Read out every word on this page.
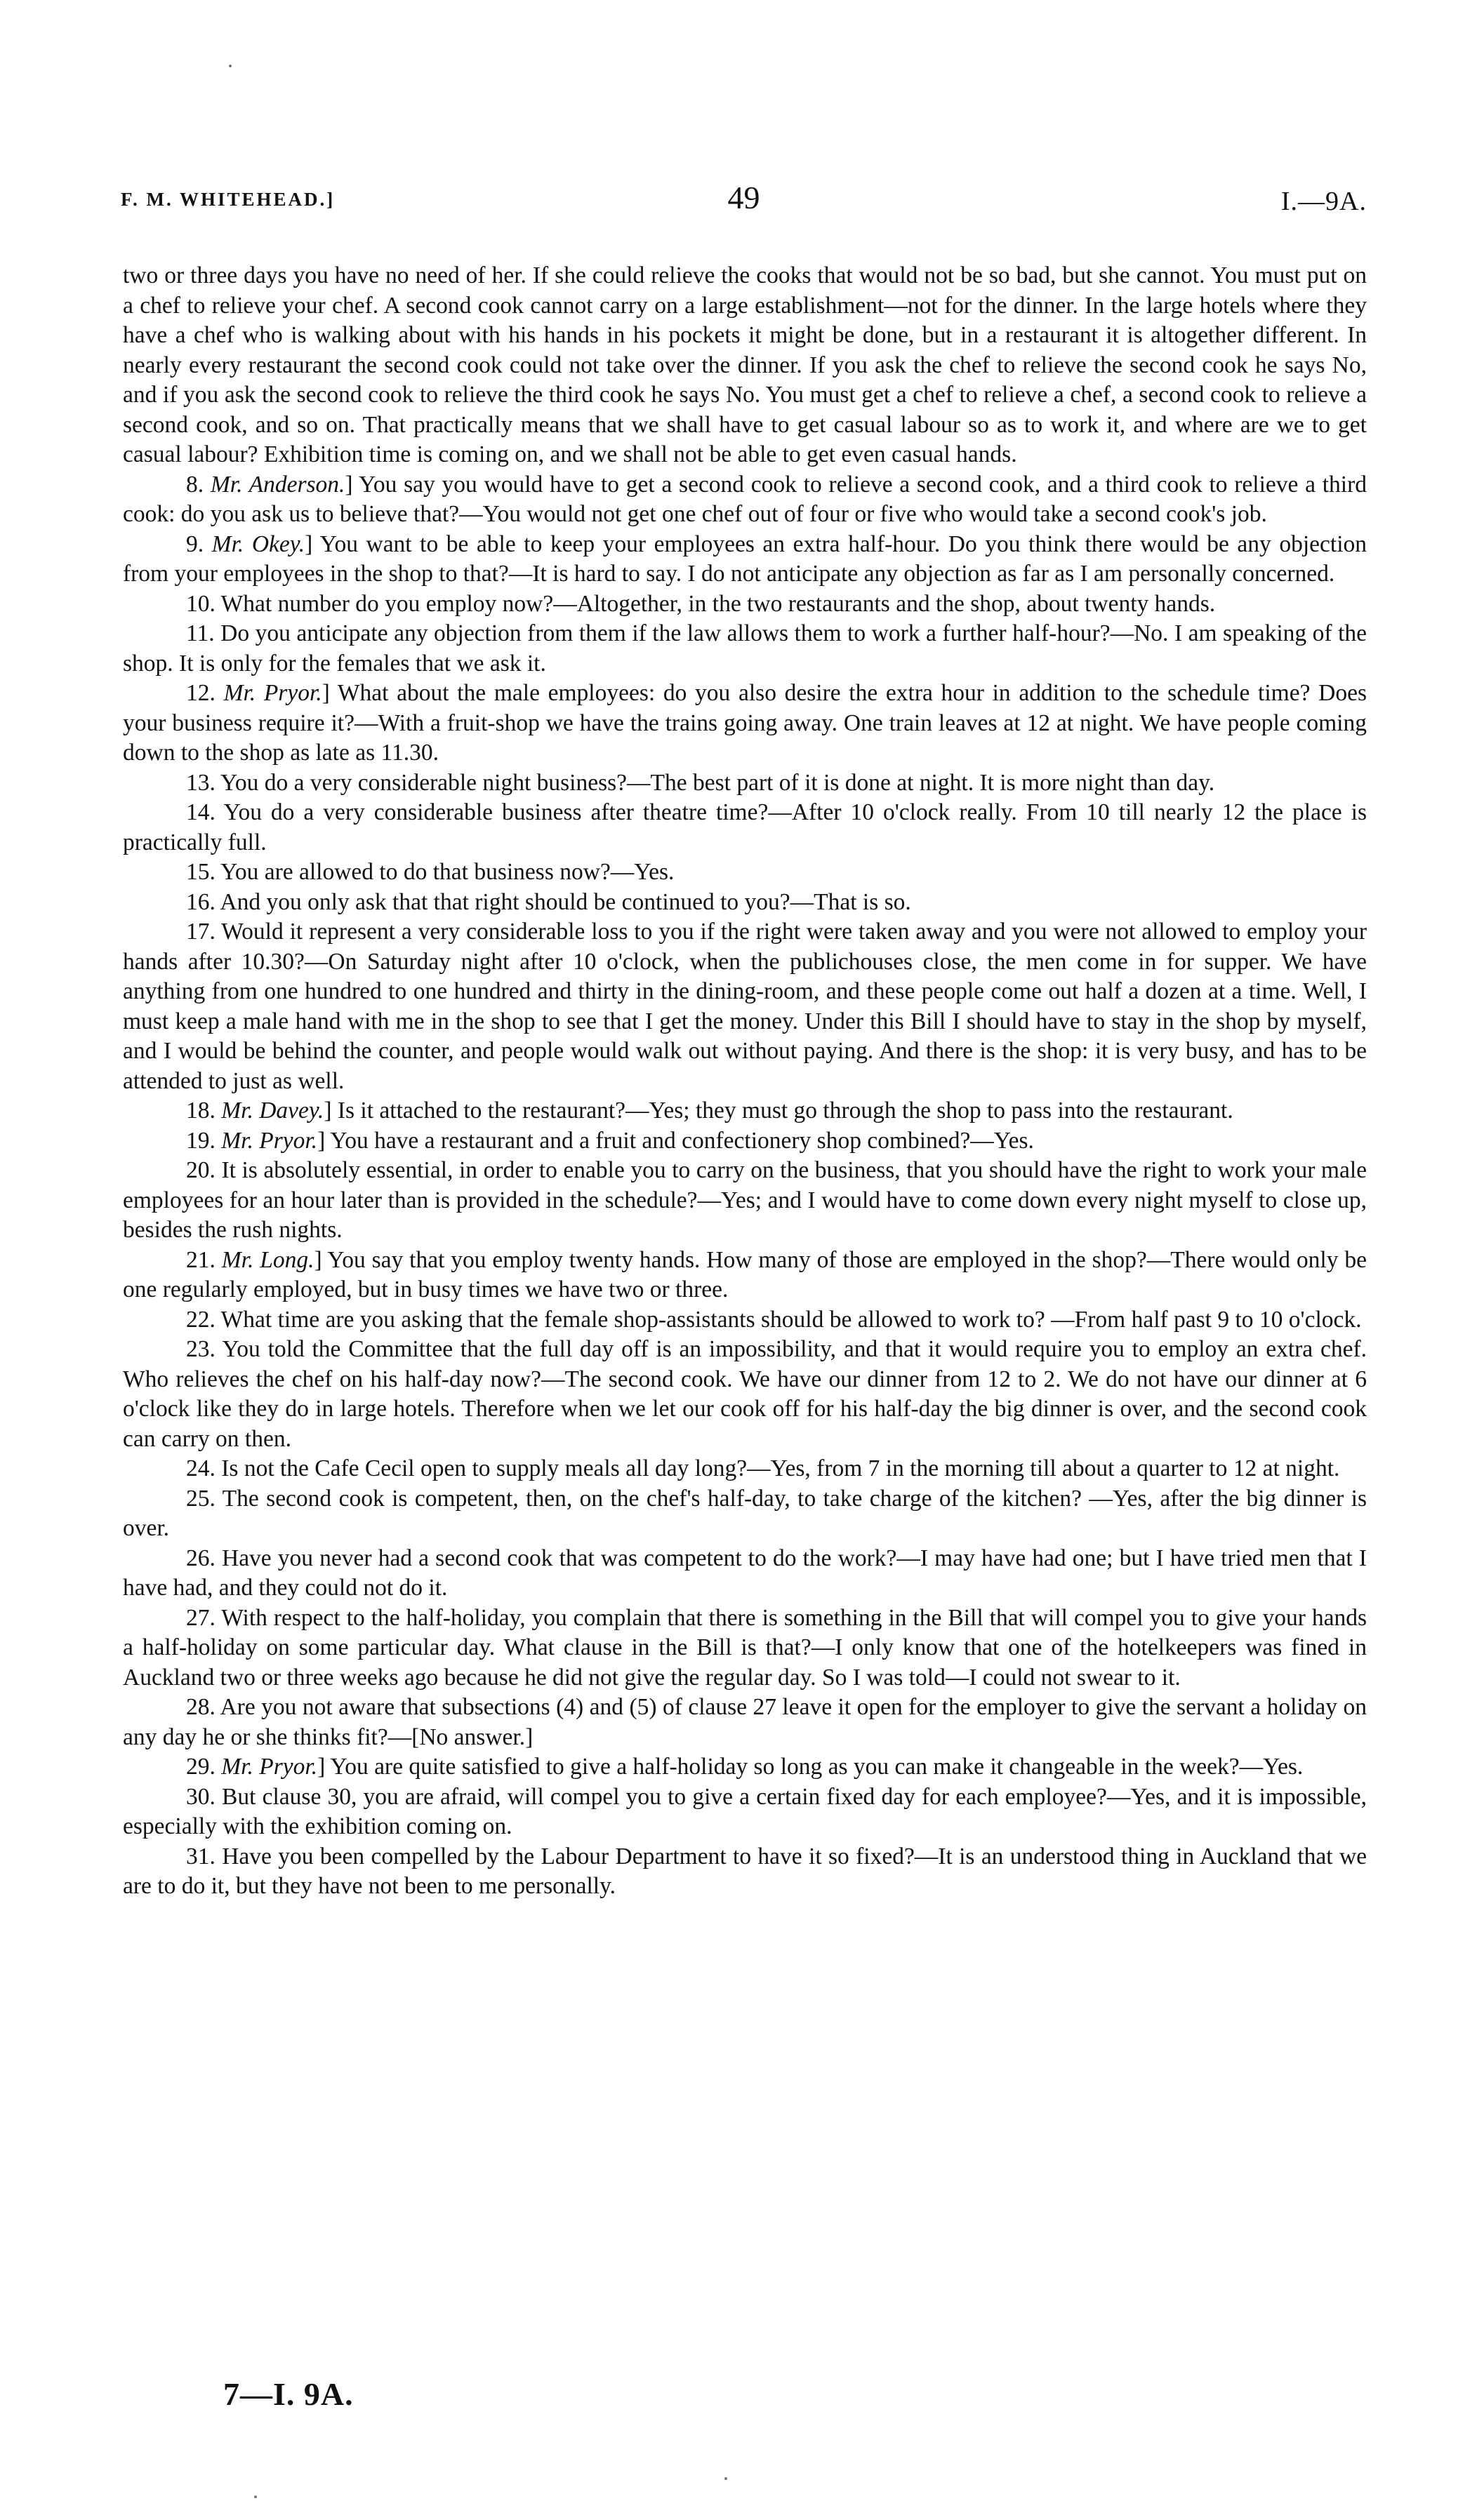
F. M. WHITEHEAD.]	49	I.—9A.

two or three days you have no need of her. If she could relieve the cooks that would not be so bad, but she cannot. You must put on a chef to relieve your chef. A second cook cannot carry on a large establishment—not for the dinner. In the large hotels where they have a chef who is walking about with his hands in his pockets it might be done, but in a restaurant it is altogether different. In nearly every restaurant the second cook could not take over the dinner. If you ask the chef to relieve the second cook he says No, and if you ask the second cook to relieve the third cook he says No. You must get a chef to relieve a chef, a second cook to relieve a second cook, and so on. That practically means that we shall have to get casual labour so as to work it, and where are we to get casual labour? Exhibition time is coming on, and we shall not be able to get even casual hands.

8. Mr. Anderson.] You say you would have to get a second cook to relieve a second cook, and a third cook to relieve a third cook: do you ask us to believe that?—You would not get one chef out of four or five who would take a second cook's job.

9. Mr. Okey.] You want to be able to keep your employees an extra half-hour. Do you think there would be any objection from your employees in the shop to that?—It is hard to say. I do not anticipate any objection as far as I am personally concerned.

10. What number do you employ now?—Altogether, in the two restaurants and the shop, about twenty hands.

11. Do you anticipate any objection from them if the law allows them to work a further half-hour?—No. I am speaking of the shop. It is only for the females that we ask it.

12. Mr. Pryor.] What about the male employees: do you also desire the extra hour in addition to the schedule time? Does your business require it?—With a fruit-shop we have the trains going away. One train leaves at 12 at night. We have people coming down to the shop as late as 11.30.

13. You do a very considerable night business?—The best part of it is done at night. It is more night than day.

14. You do a very considerable business after theatre time?—After 10 o'clock really. From 10 till nearly 12 the place is practically full.

15. You are allowed to do that business now?—Yes.

16. And you only ask that that right should be continued to you?—That is so.

17. Would it represent a very considerable loss to you if the right were taken away and you were not allowed to employ your hands after 10.30?—On Saturday night after 10 o'clock, when the publichouses close, the men come in for supper. We have anything from one hundred to one hundred and thirty in the dining-room, and these people come out half a dozen at a time. Well, I must keep a male hand with me in the shop to see that I get the money. Under this Bill I should have to stay in the shop by myself, and I would be behind the counter, and people would walk out without paying. And there is the shop: it is very busy, and has to be attended to just as well.

18. Mr. Davey.] Is it attached to the restaurant?—Yes; they must go through the shop to pass into the restaurant.

19. Mr. Pryor.] You have a restaurant and a fruit and confectionery shop combined?—Yes.

20. It is absolutely essential, in order to enable you to carry on the business, that you should have the right to work your male employees for an hour later than is provided in the schedule?—Yes; and I would have to come down every night myself to close up, besides the rush nights.

21. Mr. Long.] You say that you employ twenty hands. How many of those are employed in the shop?—There would only be one regularly employed, but in busy times we have two or three.

22. What time are you asking that the female shop-assistants should be allowed to work to? —From half past 9 to 10 o'clock.

23. You told the Committee that the full day off is an impossibility, and that it would require you to employ an extra chef. Who relieves the chef on his half-day now?—The second cook. We have our dinner from 12 to 2. We do not have our dinner at 6 o'clock like they do in large hotels. Therefore when we let our cook off for his half-day the big dinner is over, and the second cook can carry on then.

24. Is not the Cafe Cecil open to supply meals all day long?—Yes, from 7 in the morning till about a quarter to 12 at night.

25. The second cook is competent, then, on the chef's half-day, to take charge of the kitchen? —Yes, after the big dinner is over.

26. Have you never had a second cook that was competent to do the work?—I may have had one; but I have tried men that I have had, and they could not do it.

27. With respect to the half-holiday, you complain that there is something in the Bill that will compel you to give your hands a half-holiday on some particular day. What clause in the Bill is that?—I only know that one of the hotelkeepers was fined in Auckland two or three weeks ago because he did not give the regular day. So I was told—I could not swear to it.

28. Are you not aware that subsections (4) and (5) of clause 27 leave it open for the employer to give the servant a holiday on any day he or she thinks fit?—[No answer.]

29. Mr. Pryor.] You are quite satisfied to give a half-holiday so long as you can make it changeable in the week?—Yes.

30. But clause 30, you are afraid, will compel you to give a certain fixed day for each employee?—Yes, and it is impossible, especially with the exhibition coming on.

31. Have you been compelled by the Labour Department to have it so fixed?—It is an understood thing in Auckland that we are to do it, but they have not been to me personally.

7—I. 9A.
